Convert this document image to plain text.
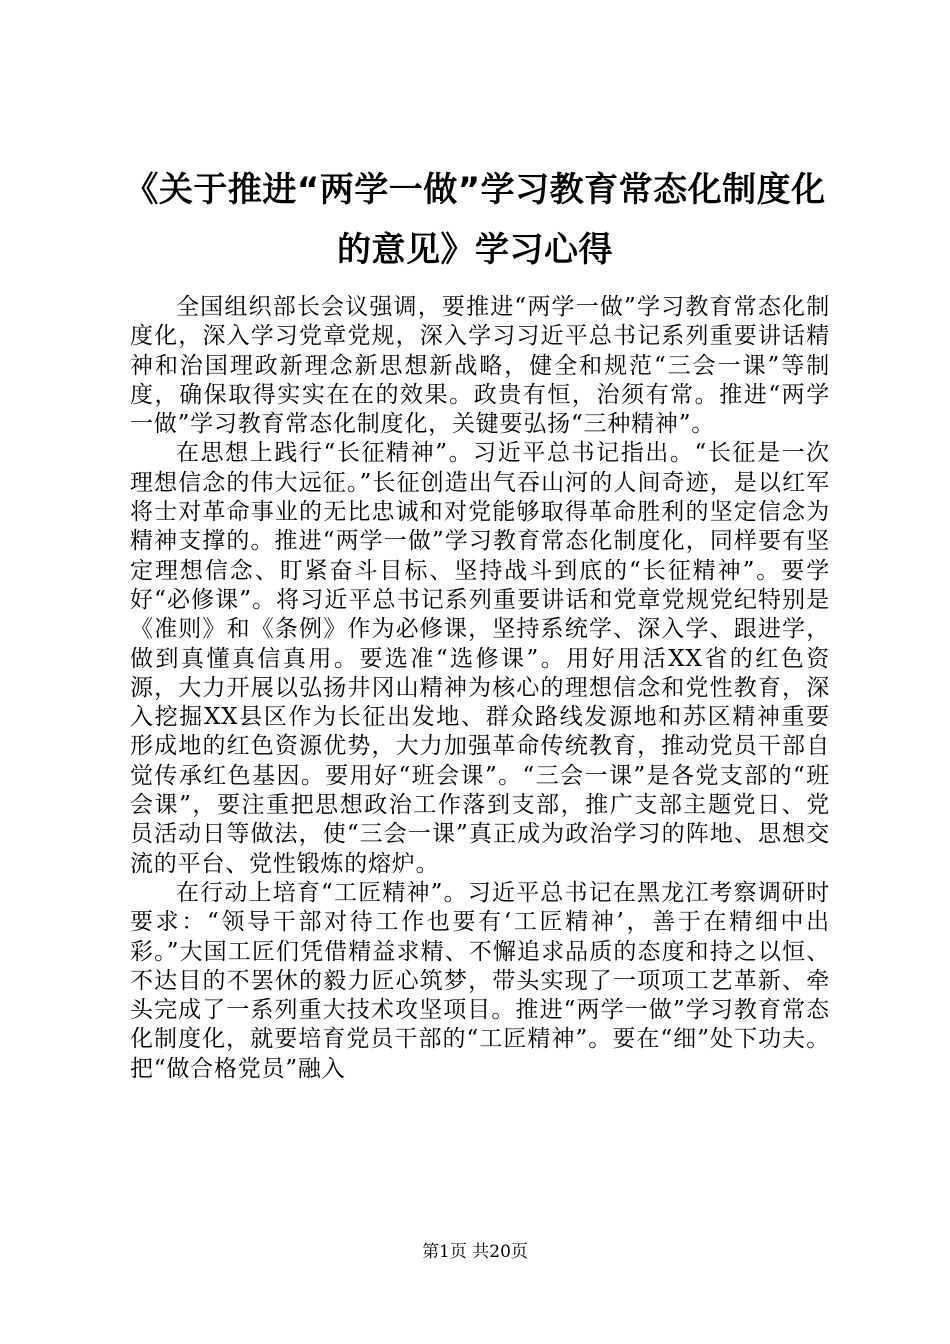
《关于推进“两学一做”学习教育常态化制度化的意见》学习心得

全国组织部长会议强调，要推进“两学一做”学习教育常态化制度化，深入学习党章党规，深入学习习近平总书记系列重要讲话精神和治国理政新理念新思想新战略，健全和规范“三会一课”等制度，确保取得实实在在的效果。政贵有恒，治须有常。推进“两学一做”学习教育常态化制度化，关键要弘扬“三种精神”。

在思想上践行“长征精神”。习近平总书记指出。“长征是一次理想信念的伟大远征。”长征创造出气吞山河的人间奇迹，是以红军将士对革命事业的无比忠诚和对党能够取得革命胜利的坚定信念为精神支撑的。推进“两学一做”学习教育常态化制度化，同样要有坚定理想信念、盯紧奋斗目标、坚持战斗到底的“长征精神”。要学好“必修课”。将习近平总书记系列重要讲话和党章党规党纪特别是《准则》和《条例》作为必修课，坚持系统学、深入学、跟进学，做到真懂真信真用。要选准“选修课”。用好用活XX省的红色资源，大力开展以弘扬井冈山精神为核心的理想信念和党性教育，深入挖掘XX县区作为长征出发地、群众路线发源地和苏区精神重要形成地的红色资源优势，大力加强革命传统教育，推动党员干部自觉传承红色基因。要用好“班会课”。“三会一课”是各党支部的“班会课”，要注重把思想政治工作落到支部，推广支部主题党日、党员活动日等做法，使“三会一课”真正成为政治学习的阵地、思想交流的平台、党性锻炼的熔炉。

在行动上培育“工匠精神”。习近平总书记在黑龙江考察调研时要求：“领导干部对待工作也要有‘工匠精神’，善于在精细中出彩。”大国工匠们凭借精益求精、不懈追求品质的态度和持之以恒、不达目的不罢休的毅力匠心筑梦，带头实现了一项项工艺革新、牵头完成了一系列重大技术攻坚项目。推进“两学一做”学习教育常态化制度化，就要培育党员干部的“工匠精神”。要在“细”处下功夫。把“做合格党员”融入

第1页 共20页
